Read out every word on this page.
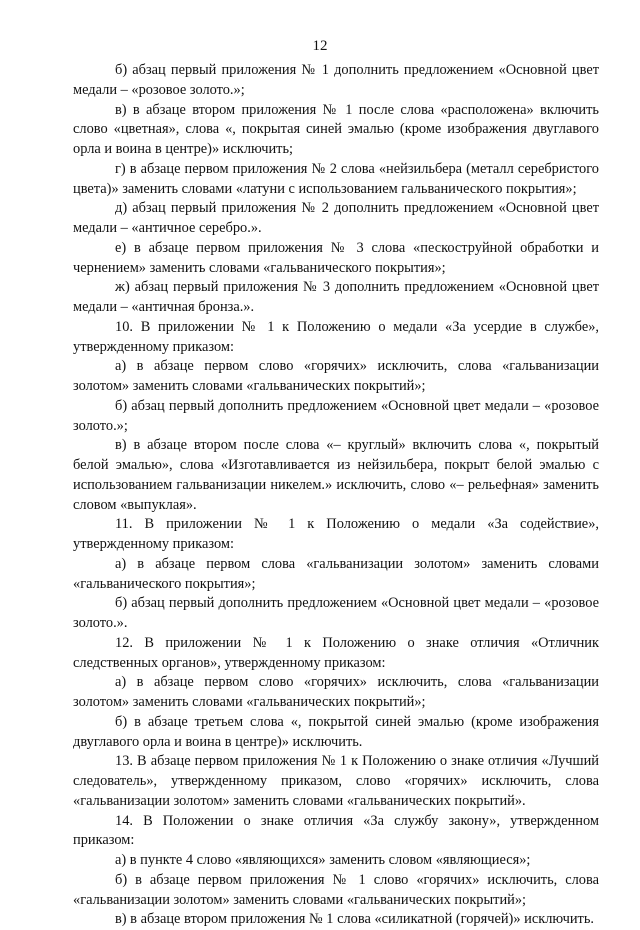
12

б) абзац первый приложения № 1 дополнить предложением «Основной цвет медали – «розовое золото.»;

в) в абзаце втором приложения № 1 после слова «расположена» включить слово «цветная», слова «, покрытая синей эмалью (кроме изображения двуглавого орла и воина в центре)» исключить;

г) в абзаце первом приложения № 2 слова «нейзильбера (металл серебристого цвета)» заменить словами «латуни с использованием гальванического покрытия»;

д) абзац первый приложения № 2 дополнить предложением «Основной цвет медали – «античное серебро.».

е) в абзаце первом приложения № 3 слова «пескоструйной обработки и чернением» заменить словами «гальванического покрытия»;

ж) абзац первый приложения № 3 дополнить предложением «Основной цвет медали – «античная бронза.».

10. В приложении № 1 к Положению о медали «За усердие в службе», утвержденному приказом:

а) в абзаце первом слово «горячих» исключить, слова «гальванизации золотом» заменить словами «гальванических покрытий»;

б) абзац первый дополнить предложением «Основной цвет медали – «розовое золото.»;

в) в абзаце втором после слова «– круглый» включить слова «, покрытый белой эмалью», слова «Изготавливается из нейзильбера, покрыт белой эмалью с использованием гальванизации никелем.» исключить, слово «– рельефная» заменить словом «выпуклая».

11. В приложении № 1 к Положению о медали «За содействие», утвержденному приказом:

а) в абзаце первом слова «гальванизации золотом» заменить словами «гальванического покрытия»;

б) абзац первый дополнить предложением «Основной цвет медали – «розовое золото.».

12. В приложении № 1 к Положению о знаке отличия «Отличник следственных органов», утвержденному приказом:

а) в абзаце первом слово «горячих» исключить, слова «гальванизации золотом» заменить словами «гальванических покрытий»;

б) в абзаце третьем слова «, покрытой синей эмалью (кроме изображения двуглавого орла и воина в центре)» исключить.

13. В абзаце первом приложения № 1 к Положению о знаке отличия «Лучший следователь», утвержденному приказом, слово «горячих» исключить, слова «гальванизации золотом» заменить словами «гальванических покрытий».

14. В Положении о знаке отличия «За службу закону», утвержденном приказом:

а) в пункте 4 слово «являющихся» заменить словом «являющиеся»;

б) в абзаце первом приложения № 1 слово «горячих» исключить, слова «гальванизации золотом» заменить словами «гальванических покрытий»;

в) в абзаце втором приложения № 1 слова «силикатной (горячей)» исключить.
